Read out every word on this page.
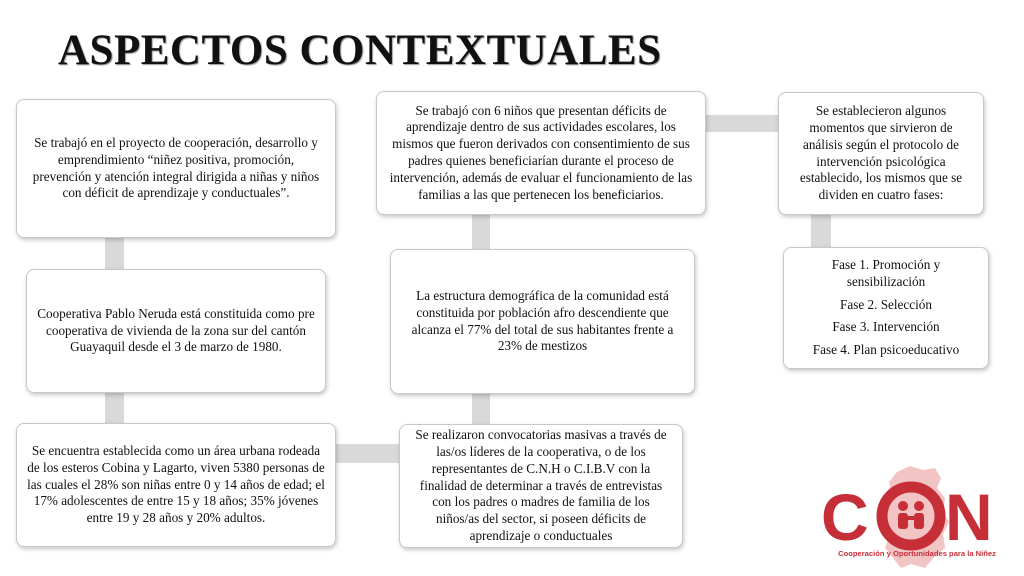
ASPECTOS CONTEXTUALES

Se trabajó en el proyecto de cooperación, desarrollo y emprendimiento “niñez positiva, promoción, prevención y atención integral dirigida a niñas y niños con déficit de aprendizaje y conductuales”.

Cooperativa Pablo Neruda está constituida como pre cooperativa de vivienda de la zona sur del cantón Guayaquil desde el 3 de marzo de 1980.

Se encuentra establecida como un área urbana rodeada de los esteros Cobina y Lagarto, viven 5380 personas de las cuales el 28% son niñas entre 0 y 14 años de edad; el 17% adolescentes de entre 15 y 18 años; 35% jóvenes entre 19 y 28 años y 20% adultos.

Se realizaron convocatorias masivas a través de las/os líderes de la cooperativa, o de los representantes de C.N.H o C.I.B.V con la finalidad de determinar a través de entrevistas con los padres o madres de familia de los niños/as del sector, si poseen déficits de aprendizaje o conductuales

La estructura demográfica de la comunidad está constituida por población afro descendiente que alcanza el 77% del total de sus habitantes frente a 23% de mestizos

Se trabajó con 6 niños que presentan déficits de aprendizaje dentro de sus actividades escolares, los mismos que fueron derivados con consentimiento de sus padres quienes beneficiarían durante el proceso de intervención, además de evaluar el funcionamiento de las familias a las que pertenecen los beneficiarios.

Se establecieron algunos momentos que sirvieron de análisis según el protocolo de intervención psicológica establecido, los mismos que se dividen en cuatro fases:

Fase 1. Promoción y sensibilización

Fase 2. Selección

Fase 3. Intervención

Fase 4. Plan psicoeducativo

C N
Cooperación y Oportunidades para la Niñez
